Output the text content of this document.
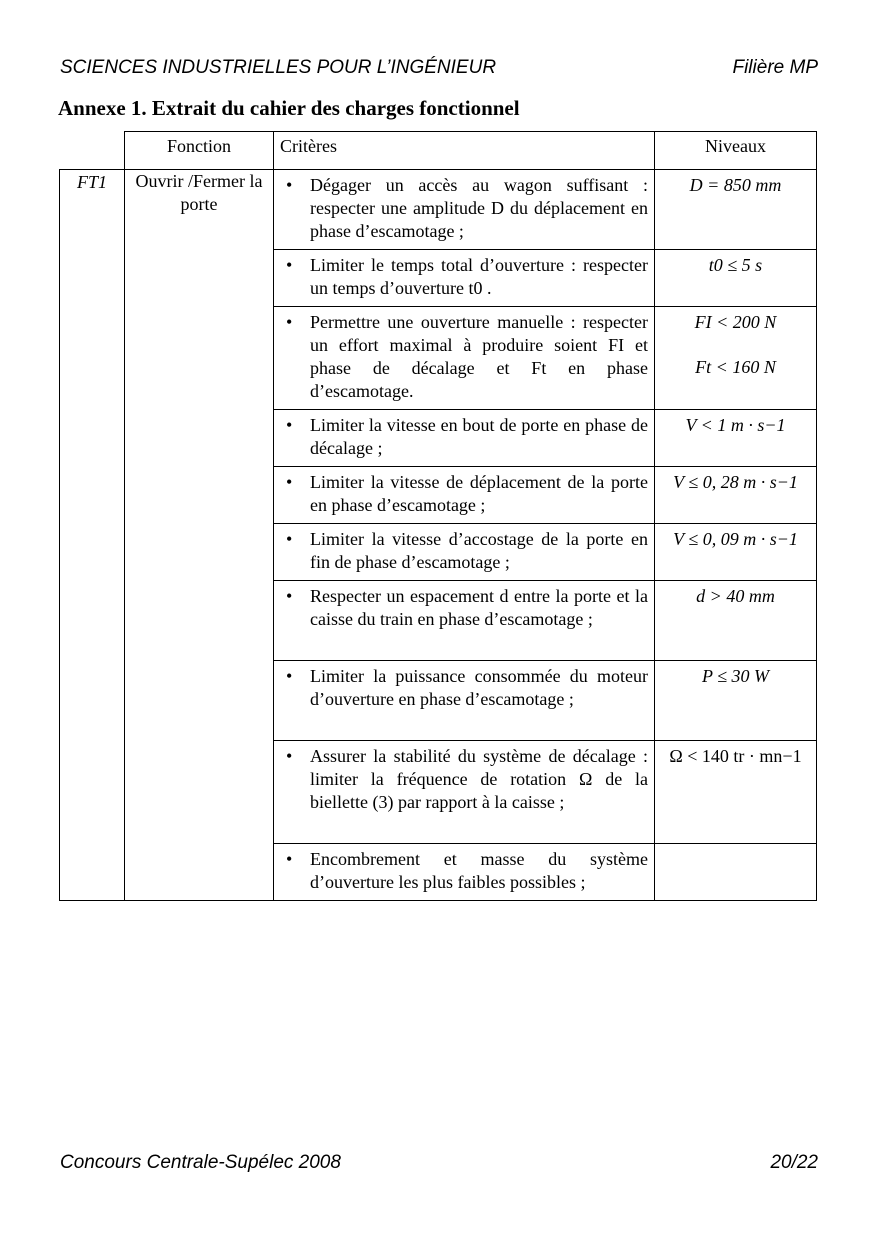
SCIENCES INDUSTRIELLES POUR L’INGÉNIEUR	Filière MP
Annexe 1. Extrait du cahier des charges fonctionnel
	Fonction	Critères	Niveaux
FT1	Ouvrir /Fermer la porte	• Dégager un accès au wagon suffisant : respecter une amplitude D du déplacement en phase d’escamotage ;	D = 850 mm

		• Limiter le temps total d’ouverture : respecter un temps d’ouverture t0 .	t0 ≤ 5 s

		• Permettre une ouverture manuelle : respecter un effort maximal à produire soient FI et phase de décalage et Ft en phase d’escamotage.	FI < 200 N
Ft < 160 N

		• Limiter la vitesse en bout de porte en phase de décalage ;	V < 1 m · s−1

		• Limiter la vitesse de déplacement de la porte en phase d’escamotage ;	V ≤ 0, 28 m · s−1

		• Limiter la vitesse d’accostage de la porte en fin de phase d’escamotage ;	V ≤ 0, 09 m · s−1

		• Respecter un espacement d entre la porte et la caisse du train en phase d’escamotage ;	d > 40 mm

		• Limiter la puissance consommée du moteur d’ouverture en phase d’escamotage ;	P ≤ 30 W

		• Assurer la stabilité du système de décalage : limiter la fréquence de rotation Ω de la biellette (3) par rapport à la caisse ;	Ω < 140 tr · mn−1

		• Encombrement et masse du système d’ouverture les plus faibles possibles ;	

Concours Centrale-Supélec 2008	20/22
